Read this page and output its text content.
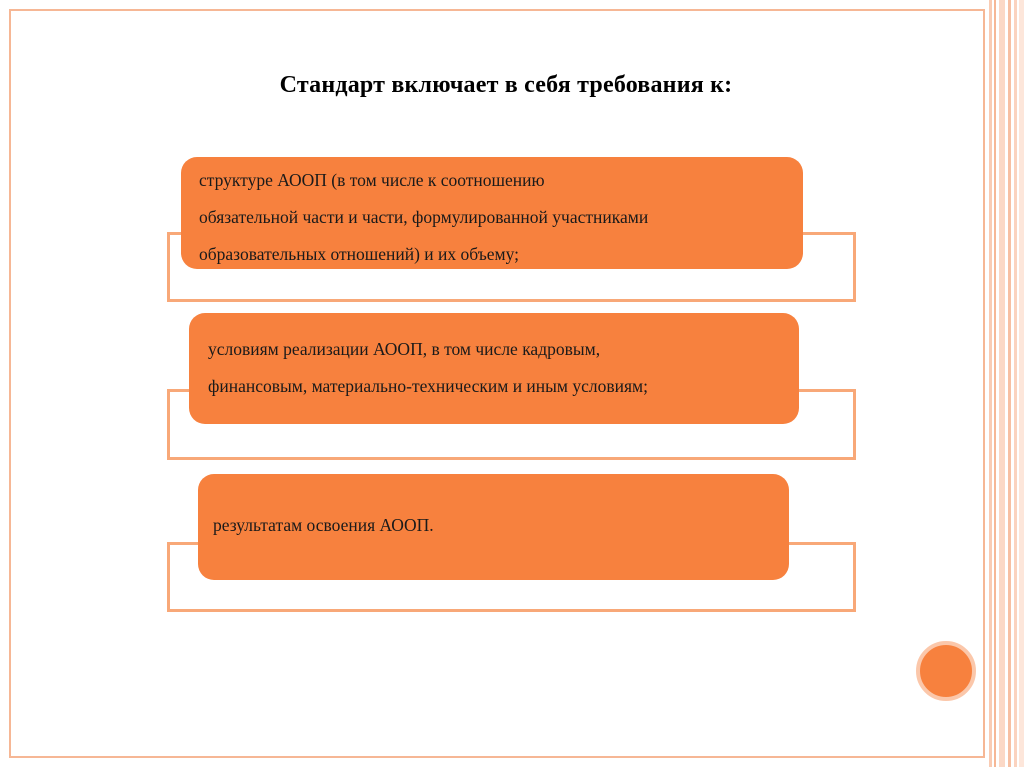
Стандарт включает в себя требования к:
структуре АООП (в том числе к соотношению
обязательной части и части, формулированной участниками
образовательных отношений) и их объему;
условиям реализации АООП, в том числе кадровым,
финансовым, материально-техническим и иным условиям;
результатам освоения АООП.
